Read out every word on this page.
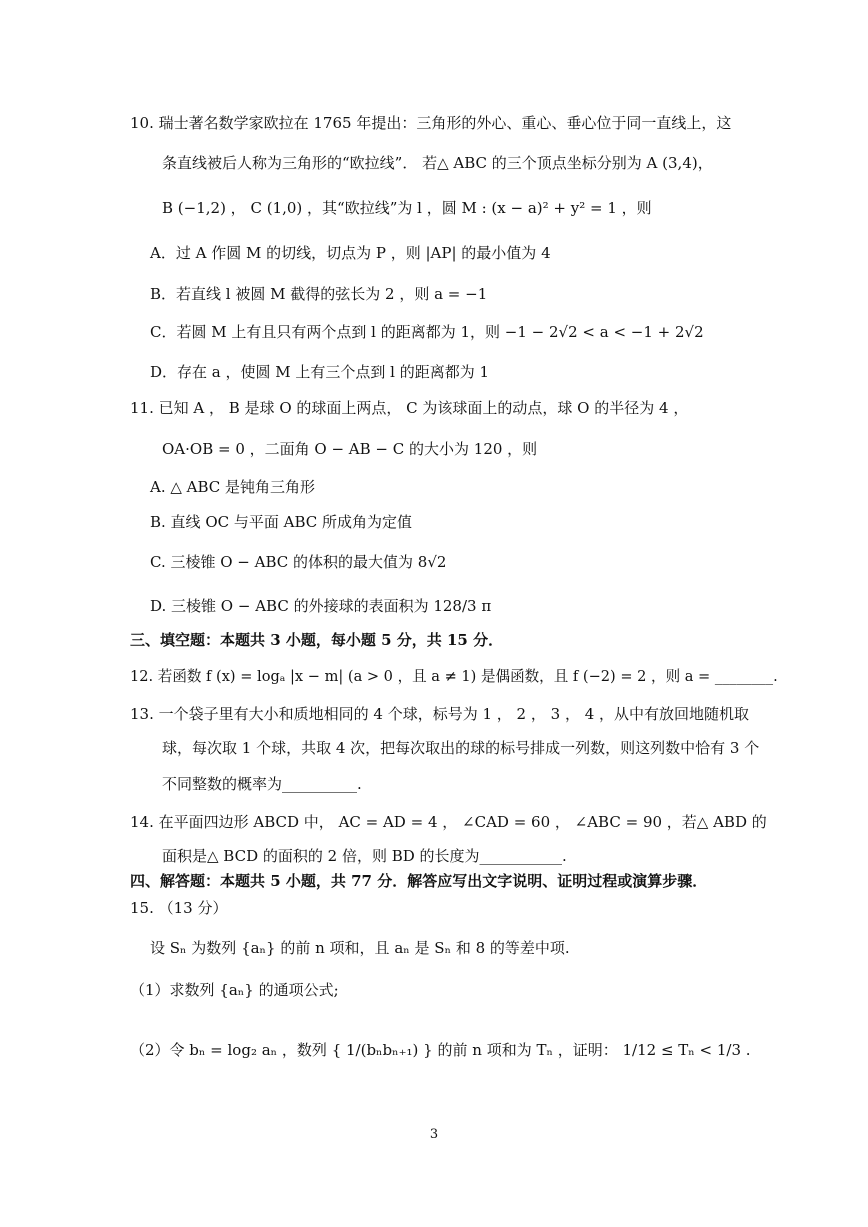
10. 瑞士著名数学家欧拉在 1765 年提出：三角形的外心、重心、垂心位于同一直线上，这
条直线被后人称为三角形的“欧拉线”． 若△ ABC 的三个顶点坐标分别为 A (3,4)，
B (−1,2) ， C (1,0) ，其“欧拉线”为 l ，圆 M : (x − a)² + y² = 1 ，则
A．过 A 作圆 M 的切线，切点为 P ，则 |AP| 的最小值为 4
B．若直线 l 被圆 M 截得的弦长为 2 ，则 a = −1
C．若圆 M 上有且只有两个点到 l 的距离都为 1，则 −1 − 2√2 < a < −1 + 2√2
D．存在 a ，使圆 M 上有三个点到 l 的距离都为 1
11. 已知 A ， B 是球 O 的球面上两点， C 为该球面上的动点，球 O 的半径为 4 ，
OA·OB = 0 ，二面角 O − AB − C 的大小为 120 ，则
A. △ ABC 是钝角三角形
B. 直线 OC 与平面 ABC 所成角为定值
C. 三棱锥 O − ABC 的体积的最大值为 8√2
D. 三棱锥 O − ABC 的外接球的表面积为 128/3 π
三、填空题：本题共 3 小题，每小题 5 分，共 15 分．
12. 若函数 f (x) = logₐ |x − m| (a > 0 ，且 a ≠ 1) 是偶函数，且 f (−2) = 2 ，则 a = ________.
13. 一个袋子里有大小和质地相同的 4 个球，标号为 1 ， 2 ， 3 ， 4 ，从中有放回地随机取
球，每次取 1 个球，共取 4 次，把每次取出的球的标号排成一列数，则这列数中恰有 3 个
不同整数的概率为__________.
14. 在平面四边形 ABCD 中， AC = AD = 4 ， ∠CAD = 60 ， ∠ABC = 90 ，若△ ABD 的
面积是△ BCD 的面积的 2 倍，则 BD 的长度为___________.
四、解答题：本题共 5 小题，共 77 分．解答应写出文字说明、证明过程或演算步骤．
15. （13 分）
设 Sₙ 为数列 {aₙ} 的前 n 项和，且 aₙ 是 Sₙ 和 8 的等差中项.
（1）求数列 {aₙ} 的通项公式;
（2）令 bₙ = log₂ aₙ ，数列 { 1/(bₙbₙ₊₁) } 的前 n 项和为 Tₙ ，证明： 1/12 ≤ Tₙ < 1/3 .
3
